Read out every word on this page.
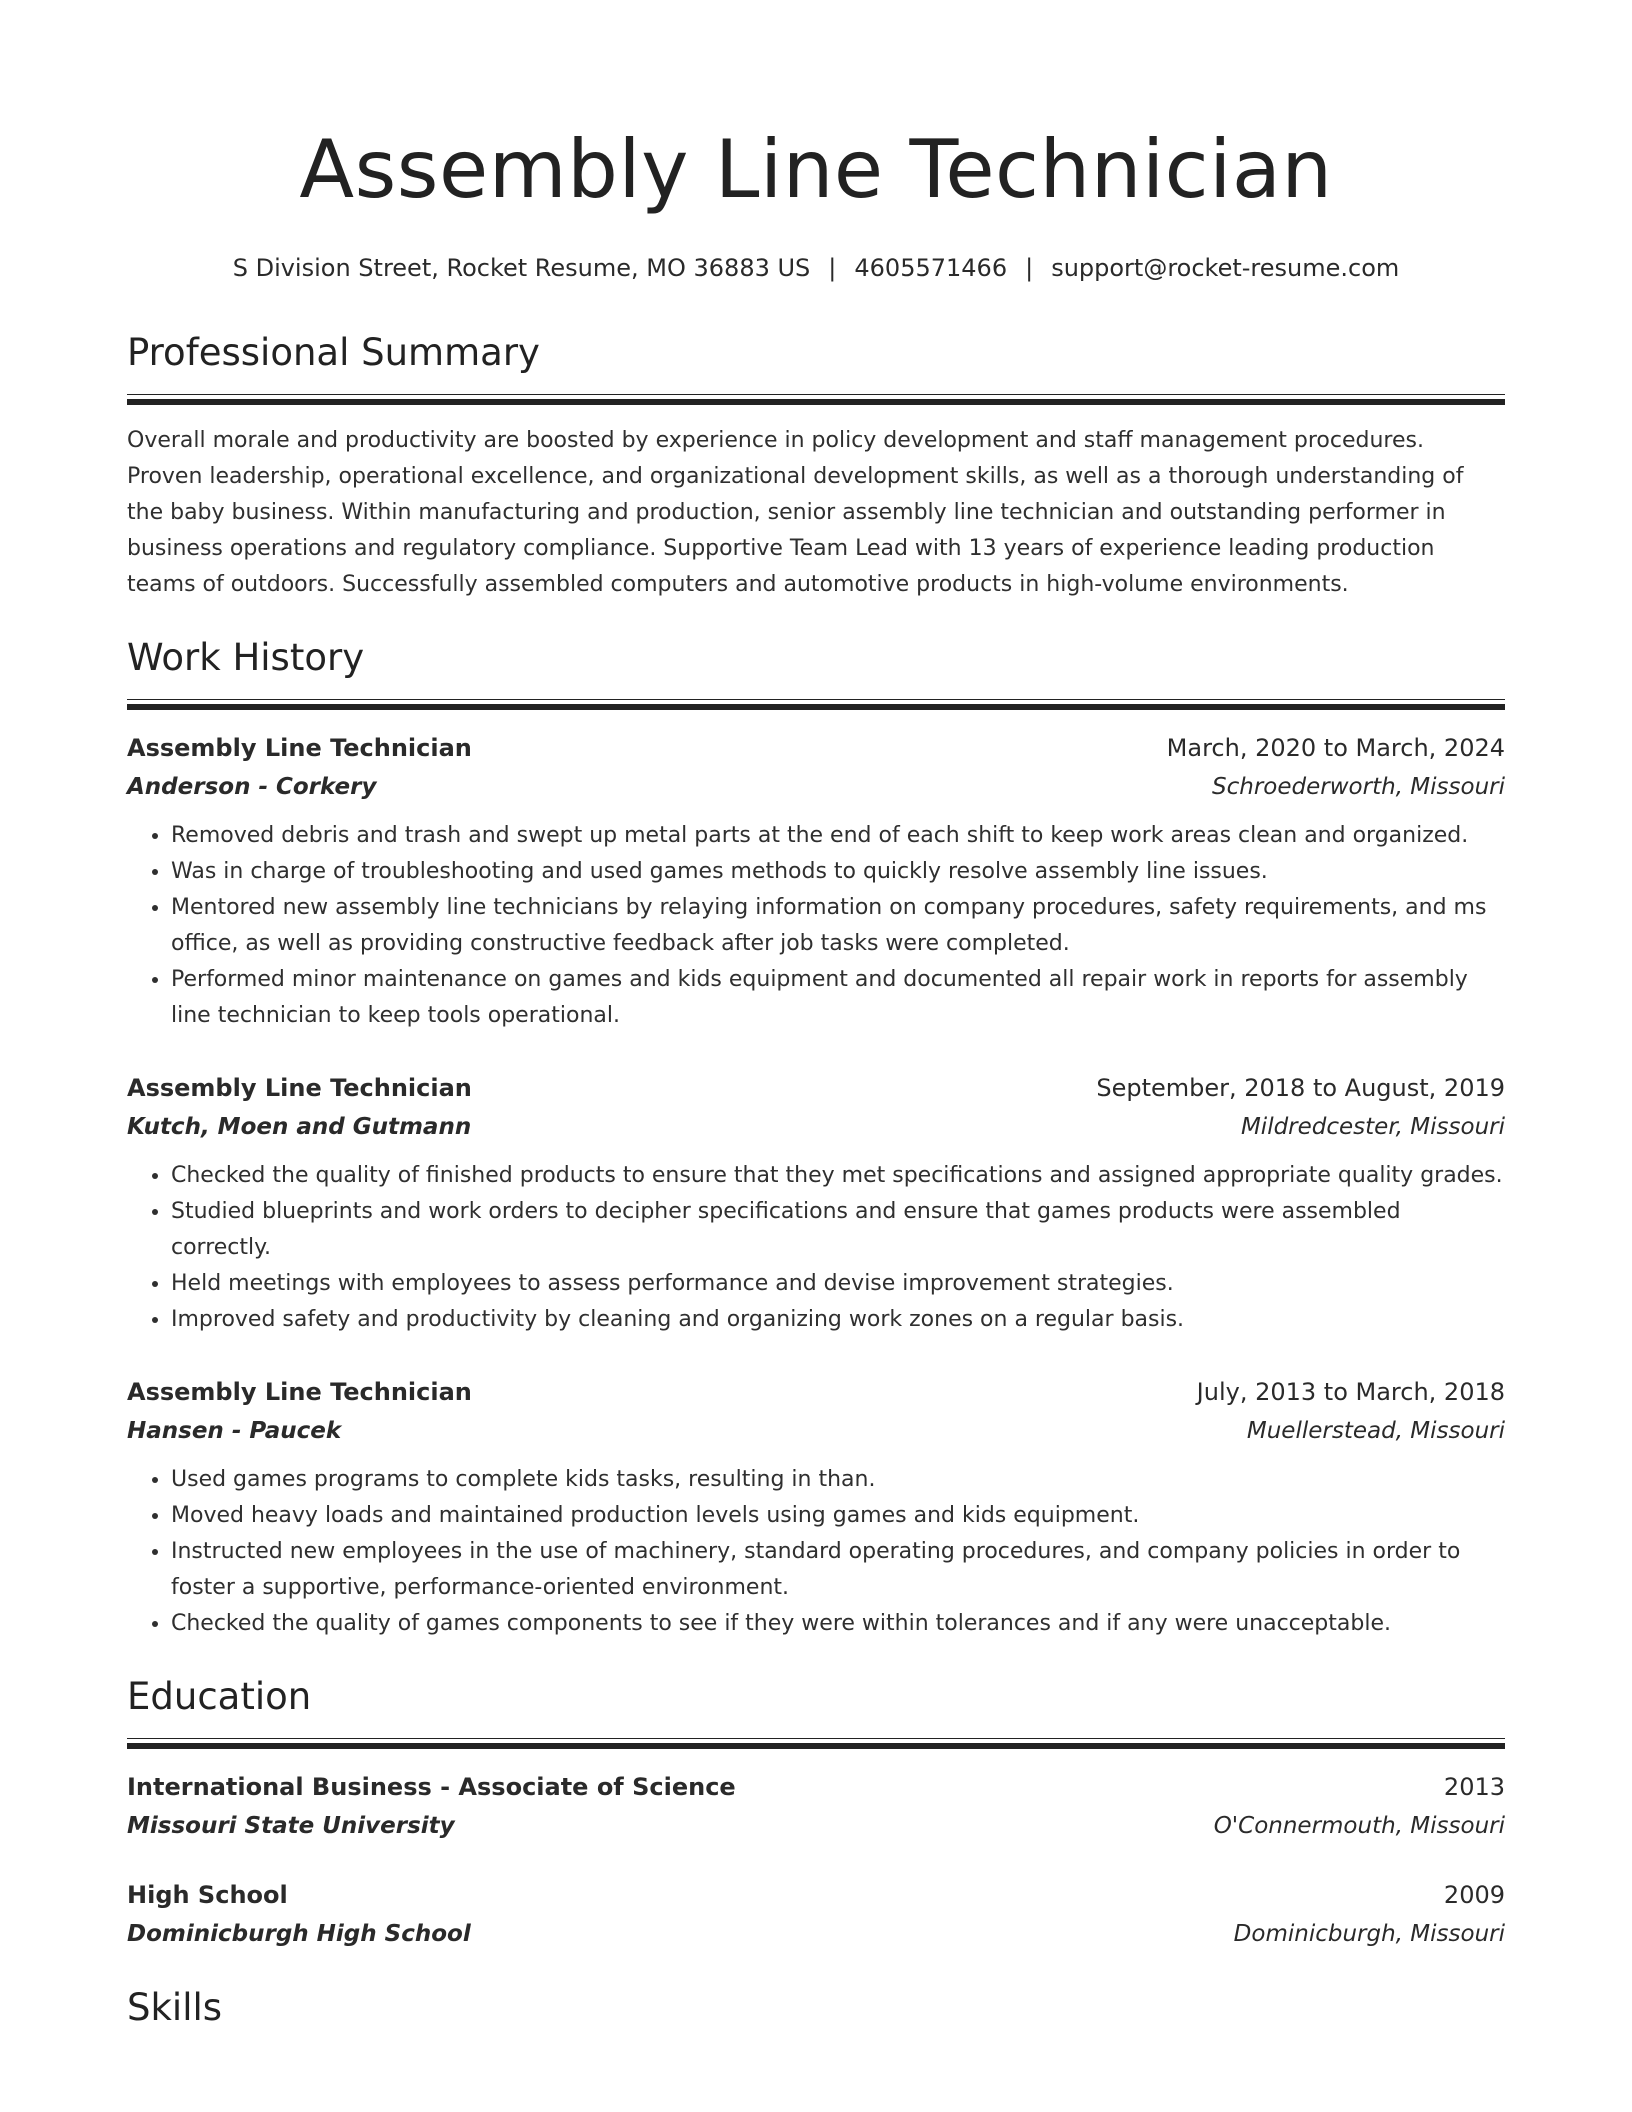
Assembly Line Technician
S Division Street, Rocket Resume, MO 36883 US | 4605571466 | support@rocket-resume.com
Professional Summary

Overall morale and productivity are boosted by experience in policy development and staff management procedures. Proven leadership, operational excellence, and organizational development skills, as well as a thorough understanding of the baby business. Within manufacturing and production, senior assembly line technician and outstanding performer in business operations and regulatory compliance. Supportive Team Lead with 13 years of experience leading production teams of outdoors. Successfully assembled computers and automotive products in high-volume environments.

Work History
Assembly Line Technician	March, 2020 to March, 2024
Anderson - Corkery	Schroederworth, Missouri
• Removed debris and trash and swept up metal parts at the end of each shift to keep work areas clean and organized.
• Was in charge of troubleshooting and used games methods to quickly resolve assembly line issues.
• Mentored new assembly line technicians by relaying information on company procedures, safety requirements, and ms office, as well as providing constructive feedback after job tasks were completed.
• Performed minor maintenance on games and kids equipment and documented all repair work in reports for assembly line technician to keep tools operational.
Assembly Line Technician	September, 2018 to August, 2019
Kutch, Moen and Gutmann	Mildredcester, Missouri
• Checked the quality of finished products to ensure that they met specifications and assigned appropriate quality grades.
• Studied blueprints and work orders to decipher specifications and ensure that games products were assembled correctly.
• Held meetings with employees to assess performance and devise improvement strategies.
• Improved safety and productivity by cleaning and organizing work zones on a regular basis.
Assembly Line Technician	July, 2013 to March, 2018
Hansen - Paucek	Muellerstead, Missouri
• Used games programs to complete kids tasks, resulting in than.
• Moved heavy loads and maintained production levels using games and kids equipment.
• Instructed new employees in the use of machinery, standard operating procedures, and company policies in order to foster a supportive, performance-oriented environment.
• Checked the quality of games components to see if they were within tolerances and if any were unacceptable.
Education
International Business - Associate of Science	2013
Missouri State University	O'Connermouth, Missouri
High School	2009
Dominicburgh High School	Dominicburgh, Missouri
Skills
